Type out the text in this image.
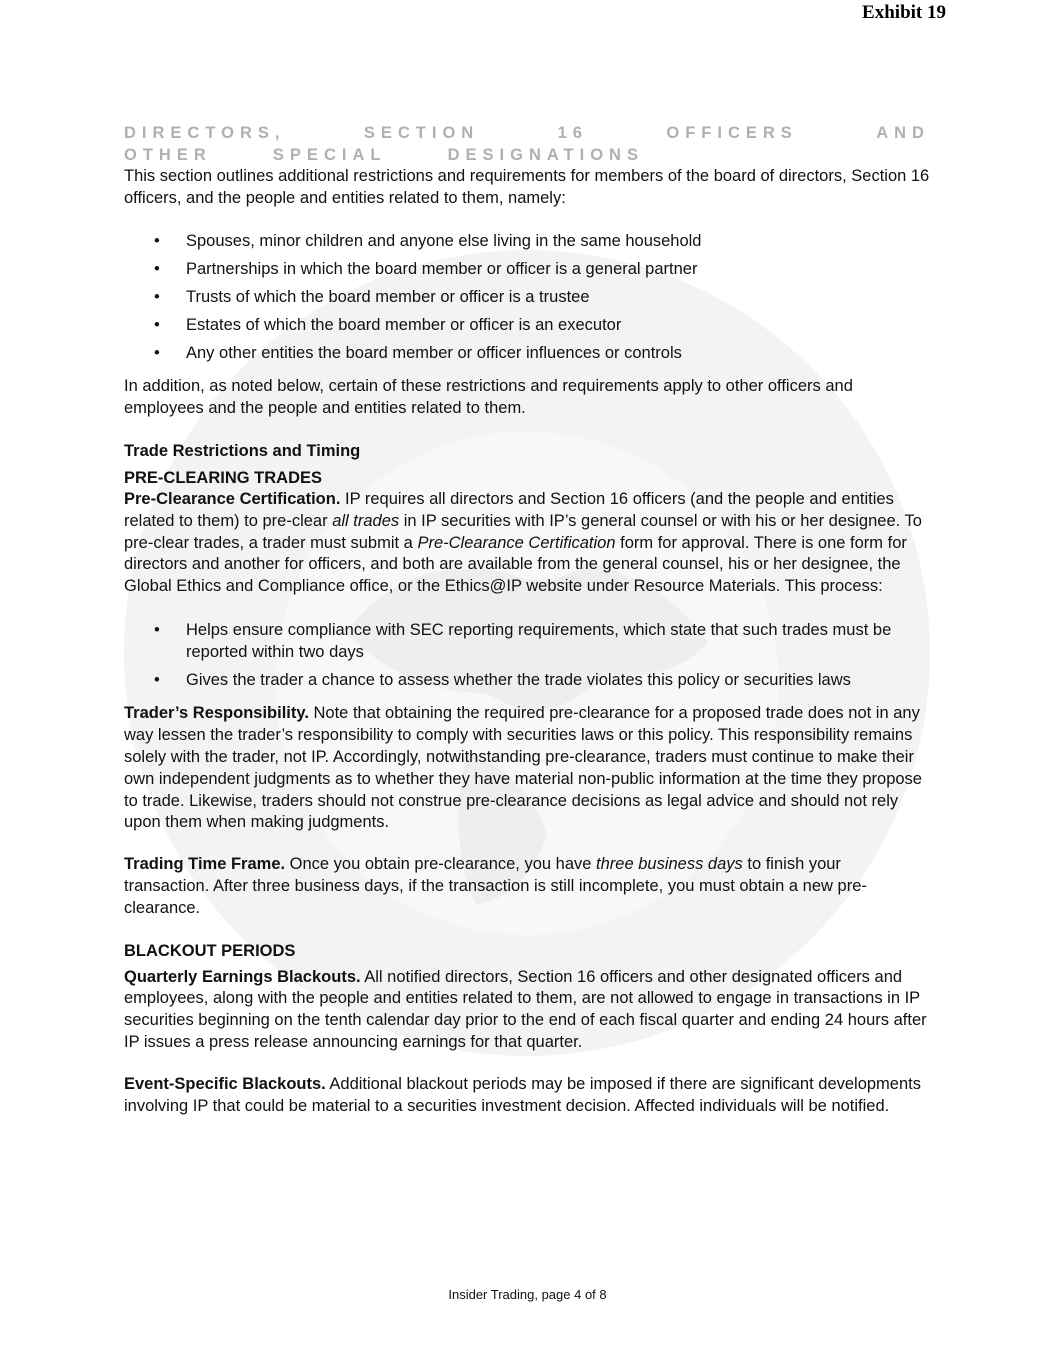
Exhibit 19
DIRECTORS,	SECTION	16	OFFICERS	AND
OTHER	SPECIAL	DESIGNATIONS

This section outlines additional restrictions and requirements for members of the board of directors, Section 16 officers, and the people and entities related to them, namely:

• Spouses, minor children and anyone else living in the same household
• Partnerships in which the board member or officer is a general partner
• Trusts of which the board member or officer is a trustee
• Estates of which the board member or officer is an executor
• Any other entities the board member or officer influences or controls

In addition, as noted below, certain of these restrictions and requirements apply to other officers and employees and the people and entities related to them.

Trade Restrictions and Timing
PRE-CLEARING TRADES

Pre-Clearance Certification. IP requires all directors and Section 16 officers (and the people and entities related to them) to pre-clear all trades in IP securities with IP’s general counsel or with his or her designee. To pre-clear trades, a trader must submit a Pre-Clearance Certification form for approval. There is one form for directors and another for officers, and both are available from the general counsel, his or her designee, the Global Ethics and Compliance office, or the Ethics@IP website under Resource Materials. This process:

• Helps ensure compliance with SEC reporting requirements, which state that such trades must be reported within two days
• Gives the trader a chance to assess whether the trade violates this policy or securities laws

Trader’s Responsibility. Note that obtaining the required pre-clearance for a proposed trade does not in any way lessen the trader’s responsibility to comply with securities laws or this policy. This responsibility remains solely with the trader, not IP. Accordingly, notwithstanding pre-clearance, traders must continue to make their own independent judgments as to whether they have material non-public information at the time they propose to trade. Likewise, traders should not construe pre-clearance decisions as legal advice and should not rely upon them when making judgments.

Trading Time Frame. Once you obtain pre-clearance, you have three business days to finish your transaction. After three business days, if the transaction is still incomplete, you must obtain a new pre-clearance.

BLACKOUT PERIODS

Quarterly Earnings Blackouts. All notified directors, Section 16 officers and other designated officers and employees, along with the people and entities related to them, are not allowed to engage in transactions in IP securities beginning on the tenth calendar day prior to the end of each fiscal quarter and ending 24 hours after IP issues a press release announcing earnings for that quarter.

Event-Specific Blackouts. Additional blackout periods may be imposed if there are significant developments involving IP that could be material to a securities investment decision. Affected individuals will be notified.

Insider Trading, page 4 of 8
